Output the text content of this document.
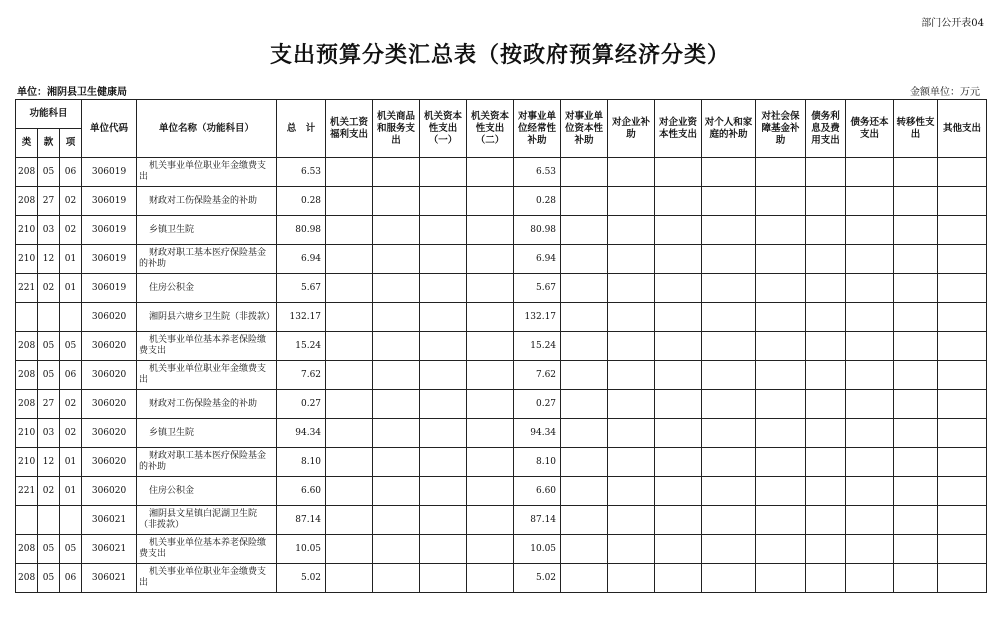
部门公开表04
支出预算分类汇总表（按政府预算经济分类）
单位：湘阴县卫生健康局	金额单位：万元
功能科目			单位代码	单位名称（功能科目）	总　计	机关工资福利支出	机关商品和服务支出	机关资本性支出（一）	机关资本性支出（二）	对事业单位经常性补助	对事业单位资本性补助	对企业补助	对企业资本性支出	对个人和家庭的补助	对社会保障基金补助	债务利息及费用支出	债务还本支出	转移性支出	其他支出
类	款	项																	
208	05	06	306019	机关事业单位职业年金缴费支出	6.53					6.53									
208	27	02	306019	财政对工伤保险基金的补助	0.28					0.28									
210	03	02	306019	乡镇卫生院	80.98					80.98									
210	12	01	306019	财政对职工基本医疗保险基金的补助	6.94					6.94									
221	02	01	306019	住房公积金	5.67					5.67									
			306020	湘阴县六塘乡卫生院（非拨款）	132.17					132.17									
208	05	05	306020	机关事业单位基本养老保险缴费支出	15.24					15.24									
208	05	06	306020	机关事业单位职业年金缴费支出	7.62					7.62									
208	27	02	306020	财政对工伤保险基金的补助	0.27					0.27									
210	03	02	306020	乡镇卫生院	94.34					94.34									
210	12	01	306020	财政对职工基本医疗保险基金的补助	8.10					8.10									
221	02	01	306020	住房公积金	6.60					6.60									
			306021	湘阴县文星镇白泥湖卫生院（非拨款）	87.14					87.14									
208	05	05	306021	机关事业单位基本养老保险缴费支出	10.05					10.05									
208	05	06	306021	机关事业单位职业年金缴费支出	5.02					5.02									
